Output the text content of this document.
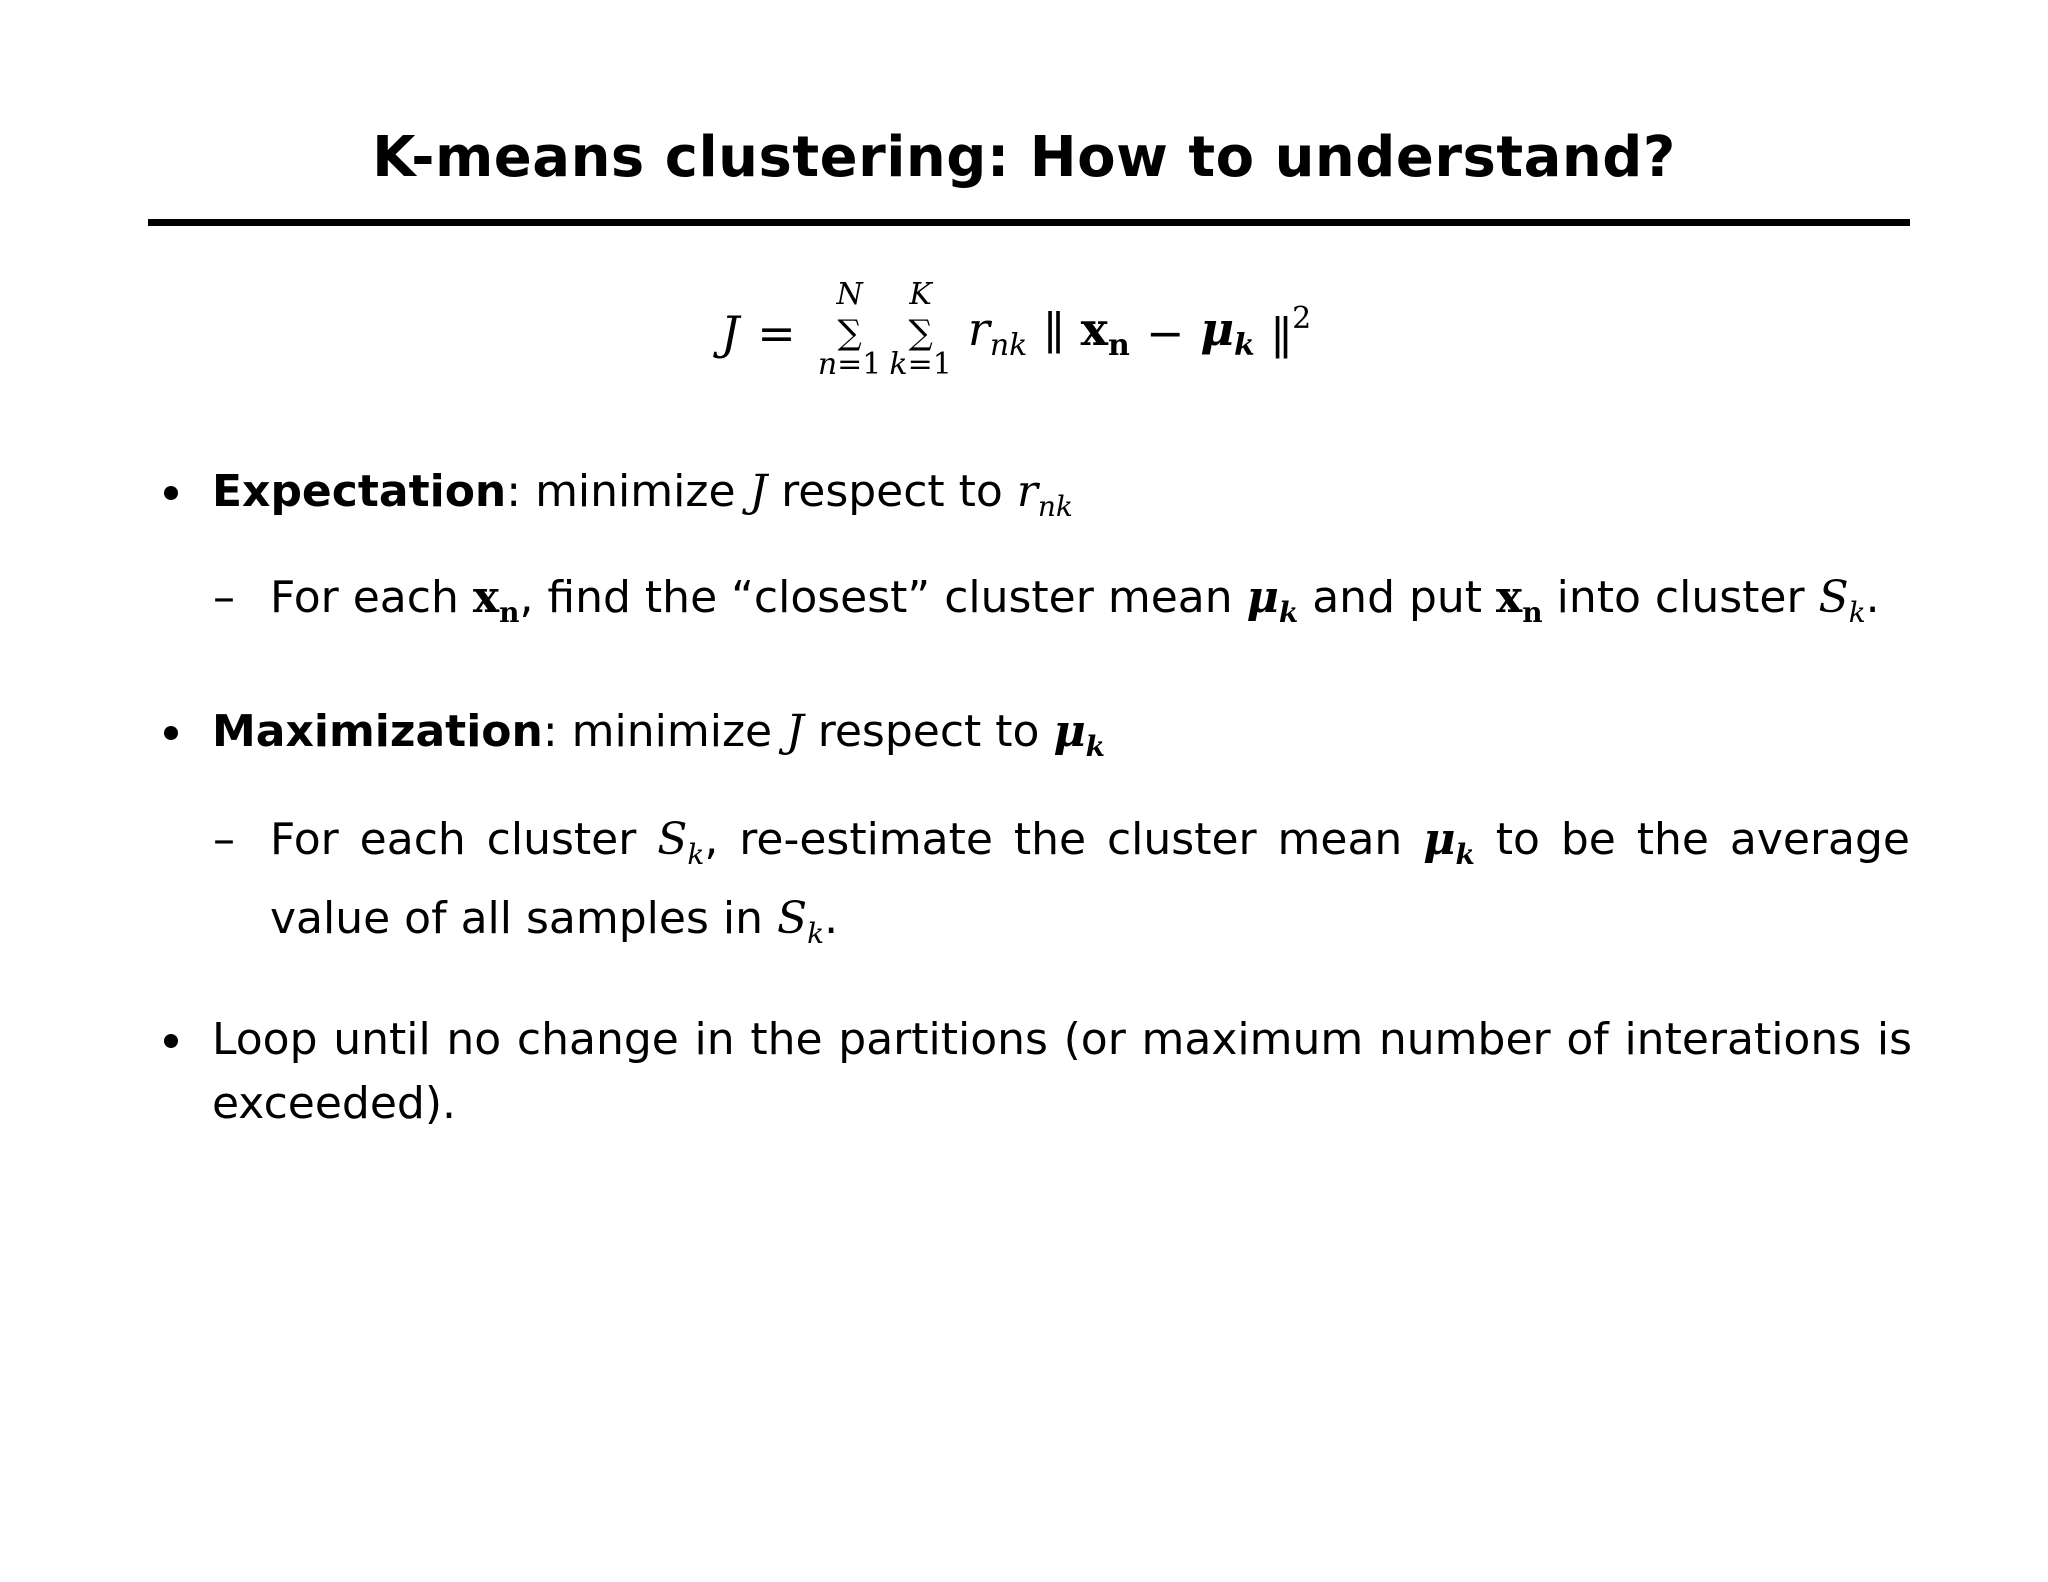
K-means clustering: How to understand?
J =
N
∑
n=1
K
∑
k=1
$r_{nk}$ ∥ $x_n - \mu_k$ ∥$^2$
Expectation: minimize J respect to $r_{nk}$
– For each $x_n$, find the “closest” cluster mean $\mu_k$ and put $x_n$ into cluster $S_k$.
Maximization: minimize J respect to $\mu_k$
– For each cluster $S_k$, re-estimate the cluster mean $\mu_k$ to be the average value of all samples in $S_k$.
Loop until no change in the partitions (or maximum number of interations is exceeded).
